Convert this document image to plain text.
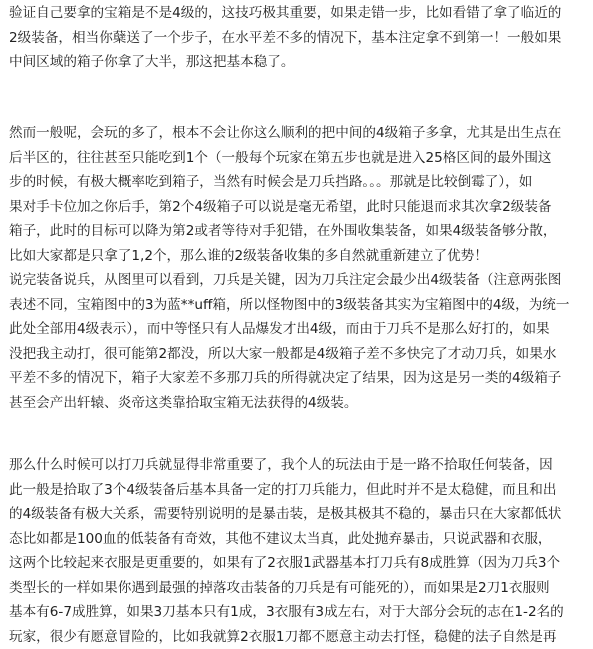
验证自己要拿的宝箱是不是4级的，这技巧极其重要，如果走错一步，比如看错了拿了临近的
2级装备，相当你蘖送了一个步子，在水平差不多的情况下，基本注定拿不到第一！一般如果
中间区域的箱子你拿了大半，那这把基本稳了。
然而一般呢，会玩的多了，根本不会让你这么顺利的把中间的4级箱子多拿，尤其是出生点在
后半区的，往往甚至只能吃到1个（一般每个玩家在第五步也就是进入25格区间的最外围这
步的时候，有极大概率吃到箱子，当然有时候会是刀兵挡路。。。那就是比较倒霉了），如
果对手卡位加之你后手，第2个4级箱子可以说是毫无希望，此时只能退而求其次拿2级装备
箱子，此时的目标可以降为第2或者等待对手犯错，在外围收集装备，如果4级装备够分散，
比如大家都是只拿了1,2个，那么谁的2级装备收集的多自然就重新建立了优势！
说完装备说兵，从图里可以看到，刀兵是关键，因为刀兵注定会最少出4级装备（注意两张图
表述不同，宝箱图中的3为蓝**uff箱，所以怪物图中的3级装备其实为宝箱图中的4级，为统一
此处全部用4级表示），而中等怪只有人品爆发才出4级，而由于刀兵不是那么好打的，如果
没把我主动打，很可能第2都没，所以大家一般都是4级箱子差不多快完了才动刀兵，如果水
平差不多的情况下，箱子大家差不多那刀兵的所得就决定了结果，因为这是另一类的4级箱子
甚至会产出轩辕、炎帝这类靠拾取宝箱无法获得的4级装。
那么什么时候可以打刀兵就显得非常重要了，我个人的玩法由于是一路不拾取任何装备，因
此一般是拾取了3个4级装备后基本具备一定的打刀兵能力，但此时并不是太稳健，而且和出
的4级装备有极大关系，需要特别说明的是暴击装，是极其极其不稳的，暴击只在大家都低状
态比如都是100血的低装备有奇效，其他不建议太当真，此处抛弃暴击，只说武器和衣服，
这两个比较起来衣服是更重要的，如果有了2衣服1武器基本打刀兵有8成胜算（因为刀兵3个
类型长的一样如果你遇到最强的掉落攻击装备的刀兵是有可能死的），而如果是2刀1衣服则
基本有6-7成胜算，如果3刀基本只有1成，3衣服有3成左右，对于大部分会玩的志在1-2名的
玩家，很少有愿意冒险的，比如我就算2衣服1刀都不愿意主动去打怪，稳健的法子自然是再
